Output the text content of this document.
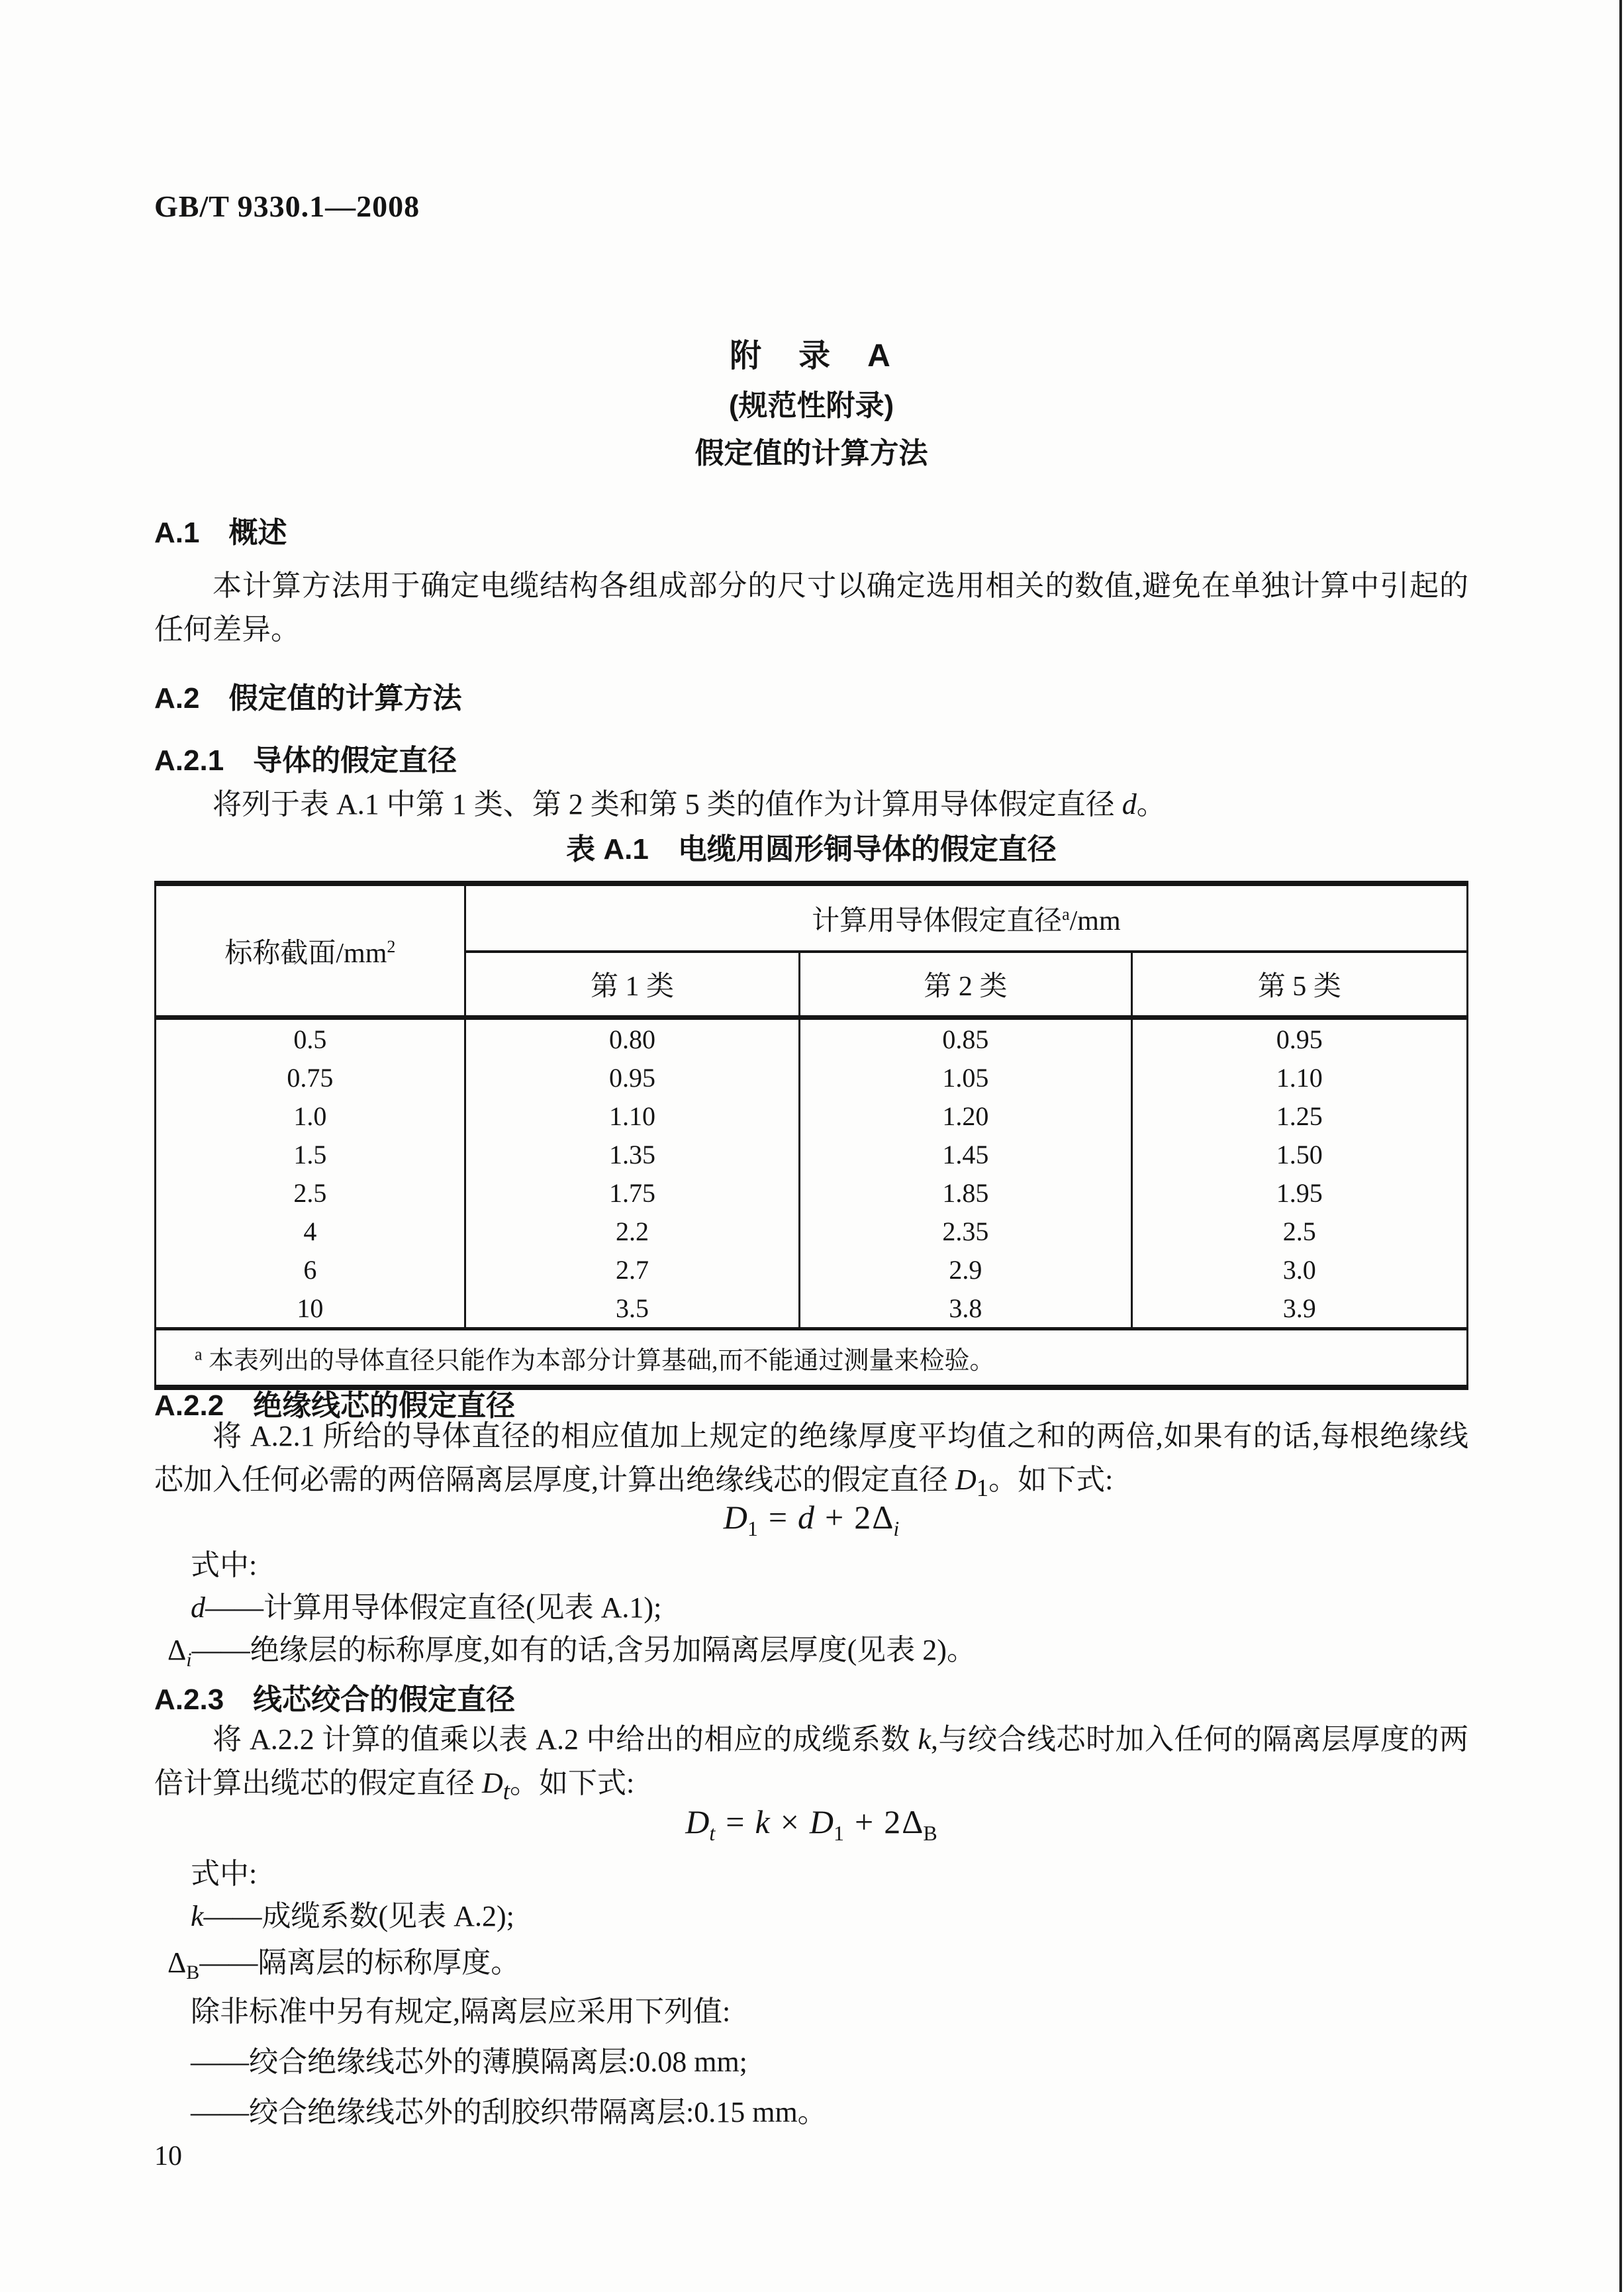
GB/T 9330.1—2008
附　录　A
(规范性附录)
假定值的计算方法
A.1　概述
本计算方法用于确定电缆结构各组成部分的尺寸以确定选用相关的数值,避免在单独计算中引起的任何差异。
A.2　假定值的计算方法
A.2.1　导体的假定直径
将列于表 A.1 中第 1 类、第 2 类和第 5 类的值作为计算用导体假定直径 d。
表 A.1　电缆用圆形铜导体的假定直径
标称截面$/mm^2$	计算用导体假定直径$^a$/mm		
	第 1 类	第 2 类	第 5 类
0.5	0.80	0.85	0.95
0.75	0.95	1.05	1.10
1.0	1.10	1.20	1.25
1.5	1.35	1.45	1.50
2.5	1.75	1.85	1.95
4	2.2	2.35	2.5
6	2.7	2.9	3.0
10	3.5	3.8	3.9
$^a$ 本表列出的导体直径只能作为本部分计算基础,而不能通过测量来检验。			
A.2.2　绝缘线芯的假定直径
将 A.2.1 所给的导体直径的相应值加上规定的绝缘厚度平均值之和的两倍,如果有的话,每根绝缘线芯加入任何必需的两倍隔离层厚度,计算出绝缘线芯的假定直径 $D_1$。如下式:
$D_1 = d + 2\Delta_i$
式中:
d——计算用导体假定直径(见表 A.1);
$\Delta_i——$绝缘层的标称厚度,如有的话,含另加隔离层厚度(见表 2)。
A.2.3　线芯绞合的假定直径
将 A.2.2 计算的值乘以表 A.2 中给出的相应的成缆系数 k,与绞合线芯时加入任何的隔离层厚度的两倍计算出缆芯的假定直径 $D_t$。如下式:
$D_t = k \times D_1 + 2\Delta_B$
式中:
k——成缆系数(见表 A.2);
$\Delta_B——$隔离层的标称厚度。
除非标准中另有规定,隔离层应采用下列值:
——绞合绝缘线芯外的薄膜隔离层:0.08 mm;
——绞合绝缘线芯外的刮胶织带隔离层:0.15 mm。
10
